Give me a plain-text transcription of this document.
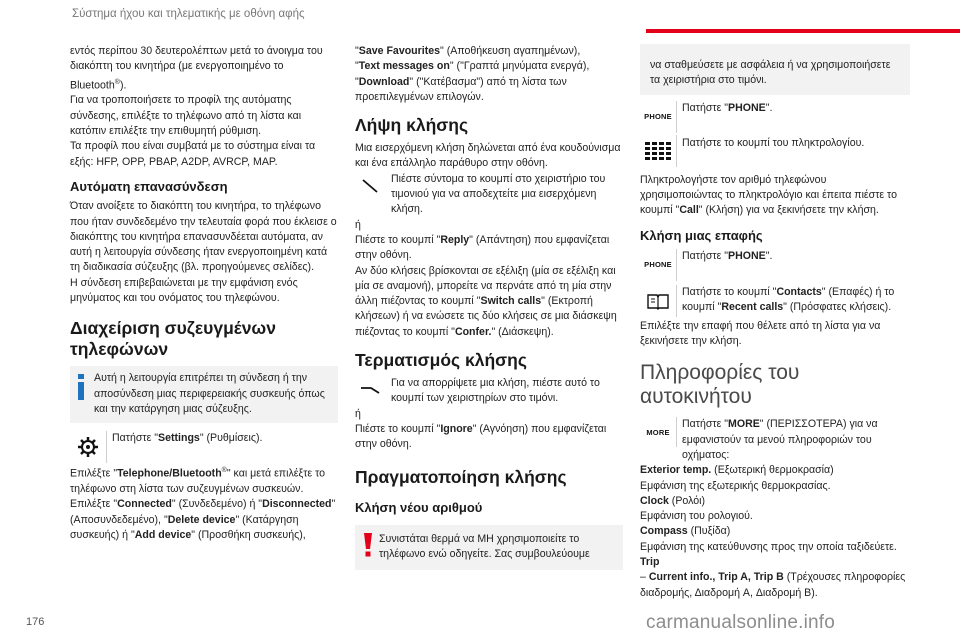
Σύστημα ήχου και τηλεματικής με οθόνη αφής

εντός περίπου 30 δευτερολέπτων μετά το άνοιγμα του διακόπτη του κινητήρα (με ενεργοποιημένο το Bluetooth®).

Για να τροποποιήσετε το προφίλ της αυτόματης σύνδεσης, επιλέξτε το τηλέφωνο από τη λίστα και κατόπιν επιλέξτε την επιθυμητή ρύθμιση.

Τα προφίλ που είναι συμβατά με το σύστημα είναι τα εξής: HFP, OPP, PBAP, A2DP, AVRCP, MAP.

Αυτόματη επανασύνδεση

Όταν ανοίξετε το διακόπτη του κινητήρα, το τηλέφωνο που ήταν συνδεδεμένο την τελευταία φορά που έκλεισε ο διακόπτης του κινητήρα επανασυνδέεται αυτόματα, αν αυτή η λειτουργία σύνδεσης ήταν ενεργοποιημένη κατά τη διαδικασία σύζευξης (βλ. προηγούμενες σελίδες).

Η σύνδεση επιβεβαιώνεται με την εμφάνιση ενός μηνύματος και του ονόματος του τηλεφώνου.

Διαχείριση συζευγμένων τηλεφώνων
Αυτή η λειτουργία επιτρέπει τη σύνδεση ή την αποσύνδεση μιας περιφερειακής συσκευής όπως και την κατάργηση μιας σύζευξης.

Πατήστε "Settings" (Ρυθμίσεις).

Επιλέξτε "Telephone/Bluetooth®" και μετά επιλέξτε το τηλέφωνο στη λίστα των συζευγμένων συσκευών.

Επιλέξτε "Connected" (Συνδεδεμένο) ή "Disconnected" (Αποσυνδεδεμένο), "Delete device" (Κατάργηση συσκευής) ή "Add device" (Προσθήκη συσκευής),

"Save Favourites" (Αποθήκευση αγαπημένων),
"Text messages on" ("Γραπτά μηνύματα ενεργά),
"Download" ("Κατέβασμα") από τη λίστα των προεπιλεγμένων επιλογών.

Λήψη κλήσης

Μια εισερχόμενη κλήση δηλώνεται από ένα κουδούνισμα και ένα επάλληλο παράθυρο στην οθόνη.

Πιέστε σύντομα το κουμπί στο χειριστήριο του τιμονιού για να αποδεχτείτε μια εισερχόμενη κλήση.

ή

Πιέστε το κουμπί "Reply" (Απάντηση) που εμφανίζεται στην οθόνη.

Αν δύο κλήσεις βρίσκονται σε εξέλιξη (μία σε εξέλιξη και μία σε αναμονή), μπορείτε να περνάτε από τη μία στην άλλη πιέζοντας το κουμπί "Switch calls" (Εκτροπή κλήσεων) ή να ενώσετε τις δύο κλήσεις σε μια διάσκεψη πιέζοντας το κουμπί "Confer." (Διάσκεψη).

Τερματισμός κλήσης

Για να απορρίψετε μια κλήση, πιέστε αυτό το κουμπί των χειριστηρίων στο τιμόνι.

ή

Πιέστε το κουμπί "Ignore" (Αγνόηση) που εμφανίζεται στην οθόνη.

Πραγματοποίηση κλήσης
Κλήση νέου αριθμού
Συνιστάται θερμά να ΜΗ χρησιμοποιείτε το τηλέφωνο ενώ οδηγείτε. Σας συμβουλεύουμε
να σταθμεύσετε με ασφάλεια ή να χρησιμοποιήσετε τα χειριστήρια στο τιμόνι.
PHONE

Πατήστε "PHONE".

Πατήστε το κουμπί του πληκτρολογίου.

Πληκτρολογήστε τον αριθμό τηλεφώνου χρησιμοποιώντας το πληκτρολόγιο και έπειτα πιέστε το κουμπί "Call" (Κλήση) για να ξεκινήσετε την κλήση.

Κλήση μιας επαφής
PHONE

Πατήστε "PHONE".

Πατήστε το κουμπί "Contacts" (Επαφές) ή το κουμπί "Recent calls" (Πρόσφατες κλήσεις).

Επιλέξτε την επαφή που θέλετε από τη λίστα για να ξεκινήσετε την κλήση.

Πληροφορίες του αυτοκινήτου
MORE

Πατήστε "MORE" (ΠΕΡΙΣΣΟΤΕΡΑ) για να εμφανιστούν τα μενού πληροφοριών του οχήματος:

Exterior temp. (Εξωτερική θερμοκρασία)

Εμφάνιση της εξωτερικής θερμοκρασίας.

Clock (Ρολόι)

Εμφάνιση του ρολογιού.

Compass (Πυξίδα)

Εμφάνιση της κατεύθυνσης προς την οποία ταξιδεύετε.

Trip

– Current info., Trip A, Trip B (Τρέχουσες πληροφορίες διαδρομής, Διαδρομή A, Διαδρομή B).

176	carmanualsonline.info
